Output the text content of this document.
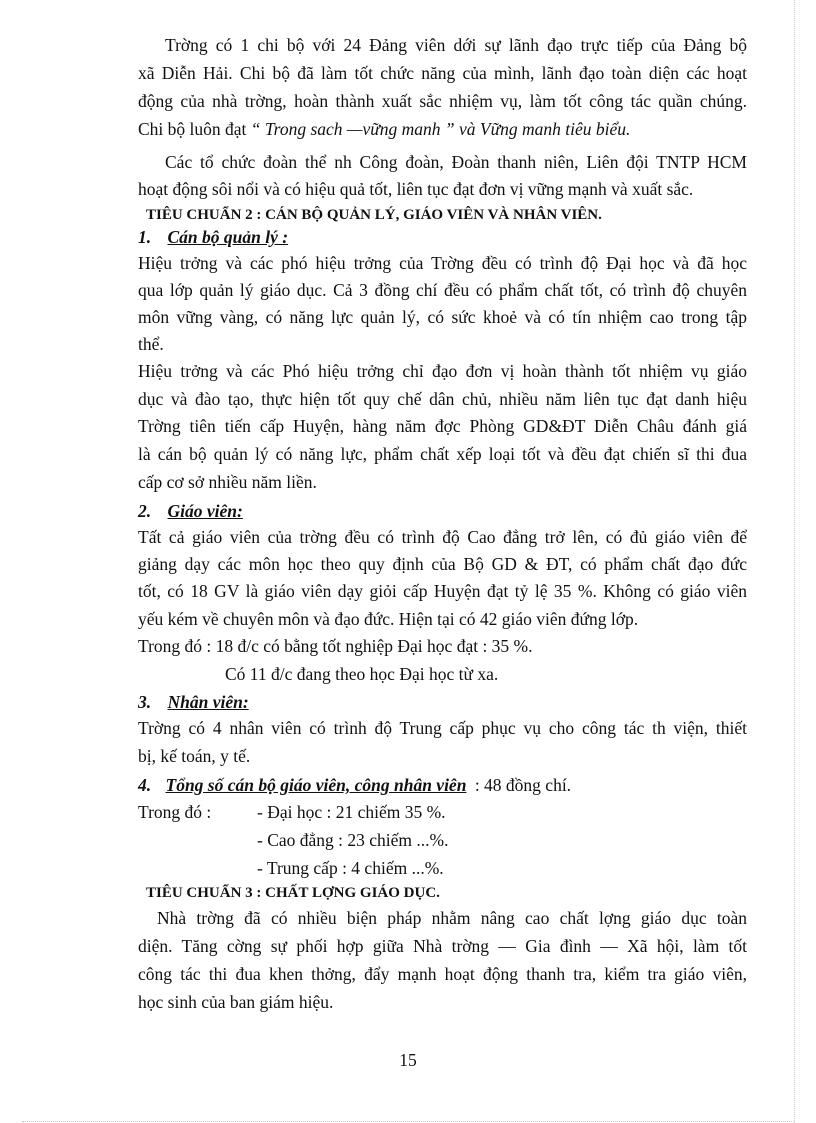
Trờng có 1 chi bộ với 24 Đảng viên dới sự lãnh đạo trực tiếp của Đảng bộ
xã Diễn Hải. Chi bộ đã làm tốt chức năng của mình, lãnh đạo toàn diện các hoạt
động của nhà trờng, hoàn thành xuất sắc nhiệm vụ, làm tốt công tác quần chúng.
Chi bộ luôn đạt “ Trong sach —vững manh ” và Vững manh tiêu biểu.
Các tổ chức đoàn thể nh Công đoàn, Đoàn thanh niên, Liên đội TNTP HCM
hoạt động sôi nổi và có hiệu quả tốt, liên tục đạt đơn vị vững mạnh và xuất sắc.
TIÊU CHUẨN 2 : CÁN BỘ QUẢN LÝ, GIÁO VIÊN VÀ NHÂN VIÊN.
1. Cán bộ quản lý :
Hiệu trởng và các phó hiệu trởng của Trờng đều có trình độ Đại học và đã học
qua lớp quản lý giáo dục. Cả 3 đồng chí đều có phẩm chất tốt, có trình độ chuyên
môn vững vàng, có năng lực quản lý, có sức khoẻ và có tín nhiệm cao trong tập
thể.
Hiệu trởng và các Phó hiệu trởng chỉ đạo đơn vị hoàn thành tốt nhiệm vụ giáo
dục và đào tạo, thực hiện tốt quy chế dân chủ, nhiều năm liên tục đạt danh hiệu
Trờng tiên tiến cấp Huyện, hàng năm đợc Phòng GD&ĐT Diễn Châu đánh giá
là cán bộ quản lý có năng lực, phẩm chất xếp loại tốt và đều đạt chiến sĩ thi đua
cấp cơ sở nhiều năm liền.
2. Giáo viên:
Tất cả giáo viên của trờng đều có trình độ Cao đẳng trở lên, có đủ giáo viên để
giảng dạy các môn học theo quy định của Bộ GD & ĐT, có phẩm chất đạo đức
tốt, có 18 GV là giáo viên dạy giỏi cấp Huyện đạt tỷ lệ 35 %. Không có giáo viên
yếu kém về chuyên môn và đạo đức. Hiện tại có 42 giáo viên đứng lớp.
Trong đó : 18 đ/c có bằng tốt nghiệp Đại học đạt : 35 %.
Có 11 đ/c đang theo học Đại học từ xa.
3. Nhân viên:
Trờng có 4 nhân viên có trình độ Trung cấp phục vụ cho công tác th viện, thiết
bị, kế toán, y tế.
4. Tổng số cán bộ giáo viên, công nhân viên : 48 đồng chí.
Trong đó :	- Đại học : 21 chiếm 35 %.
- Cao đẳng : 23 chiếm ...%.
- Trung cấp : 4 chiếm ...%.
TIÊU CHUẨN 3 : CHẤT LỢNG GIÁO DỤC.
Nhà trờng đã có nhiều biện pháp nhằm nâng cao chất lợng giáo dục toàn
diện. Tăng cờng sự phối hợp giữa Nhà trờng — Gia đình — Xã hội, làm tốt
công tác thi đua khen thởng, đẩy mạnh hoạt động thanh tra, kiểm tra giáo viên,
học sinh của ban giám hiệu.
15
